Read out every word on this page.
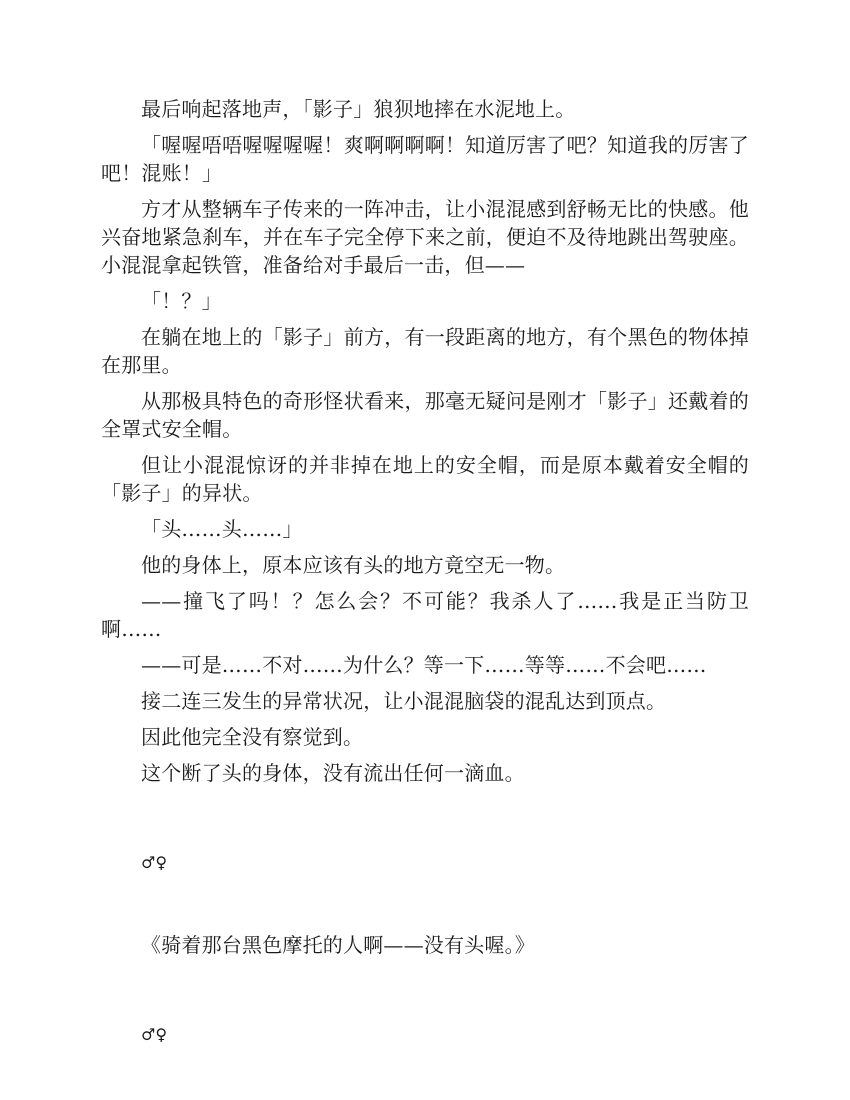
最后响起落地声，「影子」狼狈地摔在水泥地上。

「喔喔唔唔喔喔喔喔！爽啊啊啊啊！知道厉害了吧？知道我的厉害了吧！混账！」

方才从整辆车子传来的一阵冲击，让小混混感到舒畅无比的快感。他兴奋地紧急刹车，并在车子完全停下来之前，便迫不及待地跳出驾驶座。小混混拿起铁管，准备给对手最后一击，但——

「！？」

在躺在地上的「影子」前方，有一段距离的地方，有个黑色的物体掉在那里。

从那极具特色的奇形怪状看来，那毫无疑问是刚才「影子」还戴着的全罩式安全帽。

但让小混混惊讶的并非掉在地上的安全帽，而是原本戴着安全帽的「影子」的异状。

「头……头……」

他的身体上，原本应该有头的地方竟空无一物。

——撞飞了吗！？怎么会？不可能？我杀人了……我是正当防卫啊……

——可是……不对……为什么？等一下……等等……不会吧……

接二连三发生的异常状况，让小混混脑袋的混乱达到顶点。

因此他完全没有察觉到。

这个断了头的身体，没有流出任何一滴血。

♂♀

《骑着那台黑色摩托的人啊——没有头喔。》

♂♀
